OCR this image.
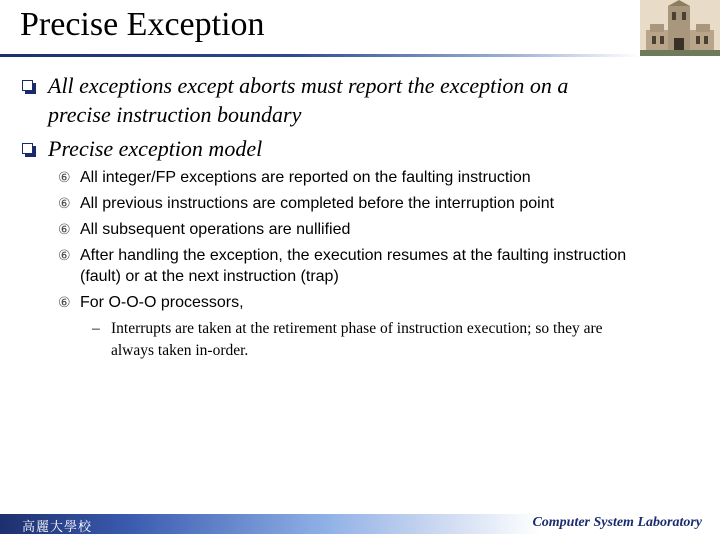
Precise Exception
All exceptions except aborts must report the exception on a
precise instruction boundary
Precise exception model
⑥ All integer/FP exceptions are reported on the faulting instruction
⑥ All previous instructions are completed before the interruption point
⑥ All subsequent operations are nullified
⑥ After handling the exception, the execution resumes at the faulting instruction
(fault) or at the next instruction (trap)
⑥ For O-O-O processors,
– Interrupts are taken at the retirement phase of instruction execution; so they are
always taken in-order.
高麗大學校	Computer System Laboratory
